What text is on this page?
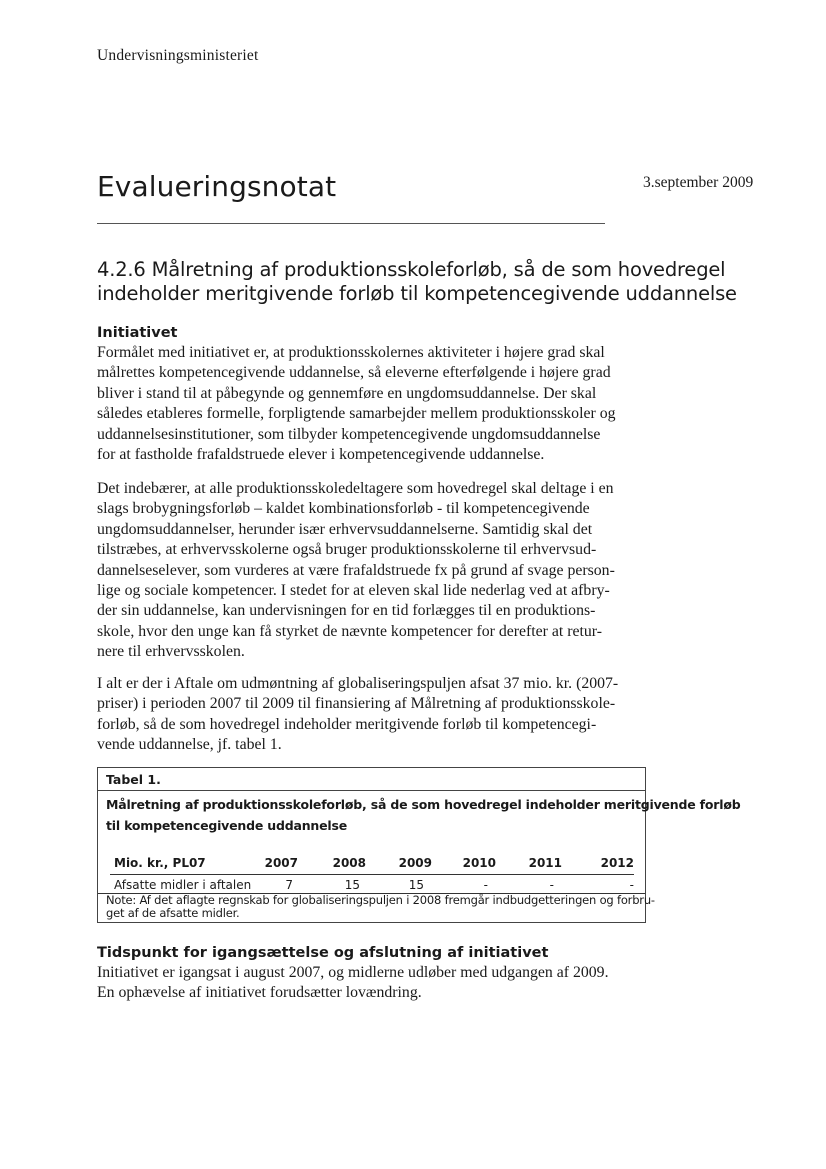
Undervisningsministeriet
Evalueringsnotat	3.september 2009
4.2.6 Målretning af produktionsskoleforløb, så de som hovedregel
indeholder meritgivende forløb til kompetencegivende uddannelse
Initiativet

Formålet med initiativet er, at produktionsskolernes aktiviteter i højere grad skal
målrettes kompetencegivende uddannelse, så eleverne efterfølgende i højere grad
bliver i stand til at påbegynde og gennemføre en ungdomsuddannelse. Der skal
således etableres formelle, forpligtende samarbejder mellem produktionsskoler og
uddannelsesinstitutioner, som tilbyder kompetencegivende ungdomsuddannelse
for at fastholde frafaldstruede elever i kompetencegivende uddannelse.

Det indebærer, at alle produktionsskoledeltagere som hovedregel skal deltage i en
slags brobygningsforløb – kaldet kombinationsforløb - til kompetencegivende
ungdomsuddannelser, herunder især erhvervsuddannelserne. Samtidig skal det
tilstræbes, at erhvervsskolerne også bruger produktionsskolerne til erhvervsud-
dannelseselever, som vurderes at være frafaldstruede fx på grund af svage person-
lige og sociale kompetencer. I stedet for at eleven skal lide nederlag ved at afbry-
der sin uddannelse, kan undervisningen for en tid forlægges til en produktions-
skole, hvor den unge kan få styrket de nævnte kompetencer for derefter at retur-
nere til erhvervsskolen.

I alt er der i Aftale om udmøntning af globaliseringspuljen afsat 37 mio. kr. (2007-
priser) i perioden 2007 til 2009 til finansiering af Målretning af produktionsskole-
forløb, så de som hovedregel indeholder meritgivende forløb til kompetencegi-
vende uddannelse, jf. tabel 1.

Tabel 1.
Målretning af produktionsskoleforløb, så de som hovedregel indeholder meritgivende forløb
til kompetencegivende uddannelse
Mio. kr., PL07	2007	2008	2009	2010	2011	2012
Afsatte midler i aftalen	7	15	15	-	-	-
Note: Af det aflagte regnskab for globaliseringspuljen i 2008 fremgår indbudgetteringen og forbru-
get af de afsatte midler.
Tidspunkt for igangsættelse og afslutning af initiativet

Initiativet er igangsat i august 2007, og midlerne udløber med udgangen af 2009.
En ophævelse af initiativet forudsætter lovændring.
